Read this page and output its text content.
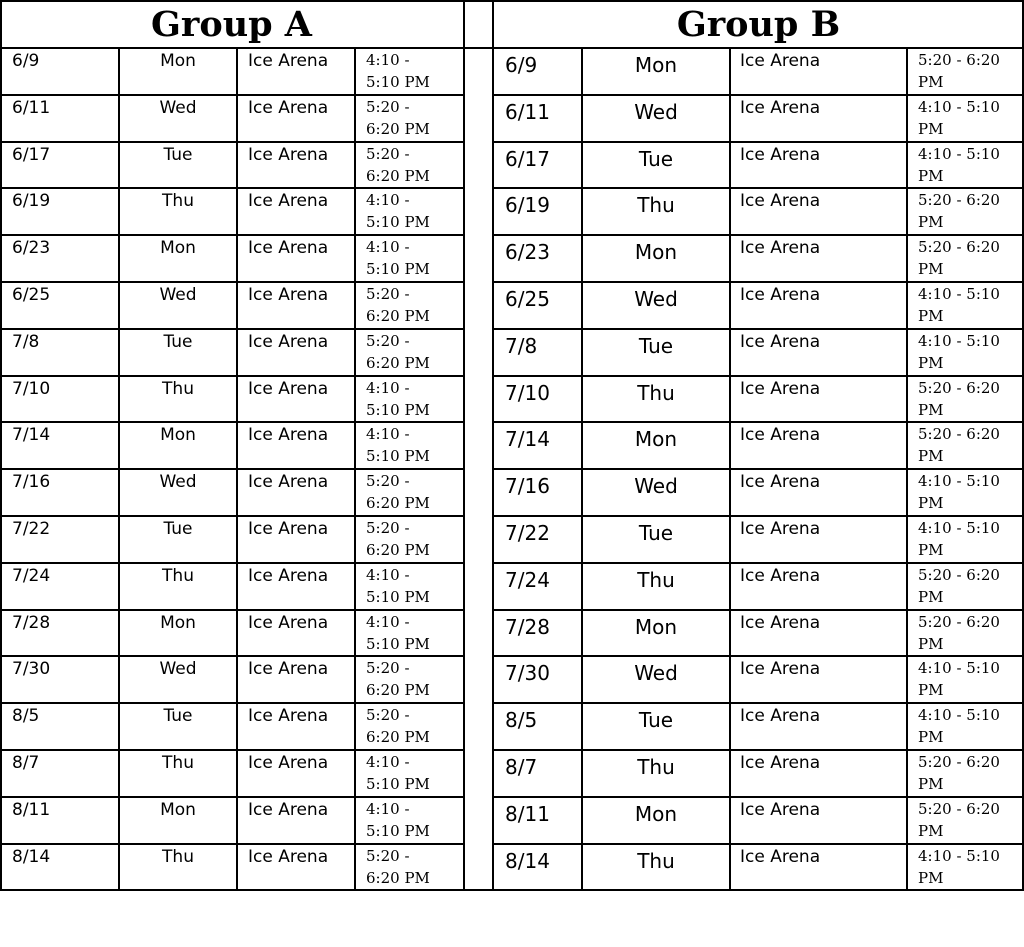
Group A	Group B
6/9	Mon	Ice Arena	4:10 - 5:10 PM
6/9	Mon	Ice Arena	5:20 - 6:20 PM
6/11	Wed	Ice Arena	5:20 - 6:20 PM
6/11	Wed	Ice Arena	4:10 - 5:10 PM
6/17	Tue	Ice Arena	5:20 - 6:20 PM
6/17	Tue	Ice Arena	4:10 - 5:10 PM
6/19	Thu	Ice Arena	4:10 - 5:10 PM
6/19	Thu	Ice Arena	5:20 - 6:20 PM
6/23	Mon	Ice Arena	4:10 - 5:10 PM
6/23	Mon	Ice Arena	5:20 - 6:20 PM
6/25	Wed	Ice Arena	5:20 - 6:20 PM
6/25	Wed	Ice Arena	4:10 - 5:10 PM
7/8	Tue	Ice Arena	5:20 - 6:20 PM
7/8	Tue	Ice Arena	4:10 - 5:10 PM
7/10	Thu	Ice Arena	4:10 - 5:10 PM
7/10	Thu	Ice Arena	5:20 - 6:20 PM
7/14	Mon	Ice Arena	4:10 - 5:10 PM
7/14	Mon	Ice Arena	5:20 - 6:20 PM
7/16	Wed	Ice Arena	5:20 - 6:20 PM
7/16	Wed	Ice Arena	4:10 - 5:10 PM
7/22	Tue	Ice Arena	5:20 - 6:20 PM
7/22	Tue	Ice Arena	4:10 - 5:10 PM
7/24	Thu	Ice Arena	4:10 - 5:10 PM
7/24	Thu	Ice Arena	5:20 - 6:20 PM
7/28	Mon	Ice Arena	4:10 - 5:10 PM
7/28	Mon	Ice Arena	5:20 - 6:20 PM
7/30	Wed	Ice Arena	5:20 - 6:20 PM
7/30	Wed	Ice Arena	4:10 - 5:10 PM
8/5	Tue	Ice Arena	5:20 - 6:20 PM
8/5	Tue	Ice Arena	4:10 - 5:10 PM
8/7	Thu	Ice Arena	4:10 - 5:10 PM
8/7	Thu	Ice Arena	5:20 - 6:20 PM
8/11	Mon	Ice Arena	4:10 - 5:10 PM
8/11	Mon	Ice Arena	5:20 - 6:20 PM
8/14	Thu	Ice Arena	5:20 - 6:20 PM
8/14	Thu	Ice Arena	4:10 - 5:10 PM
